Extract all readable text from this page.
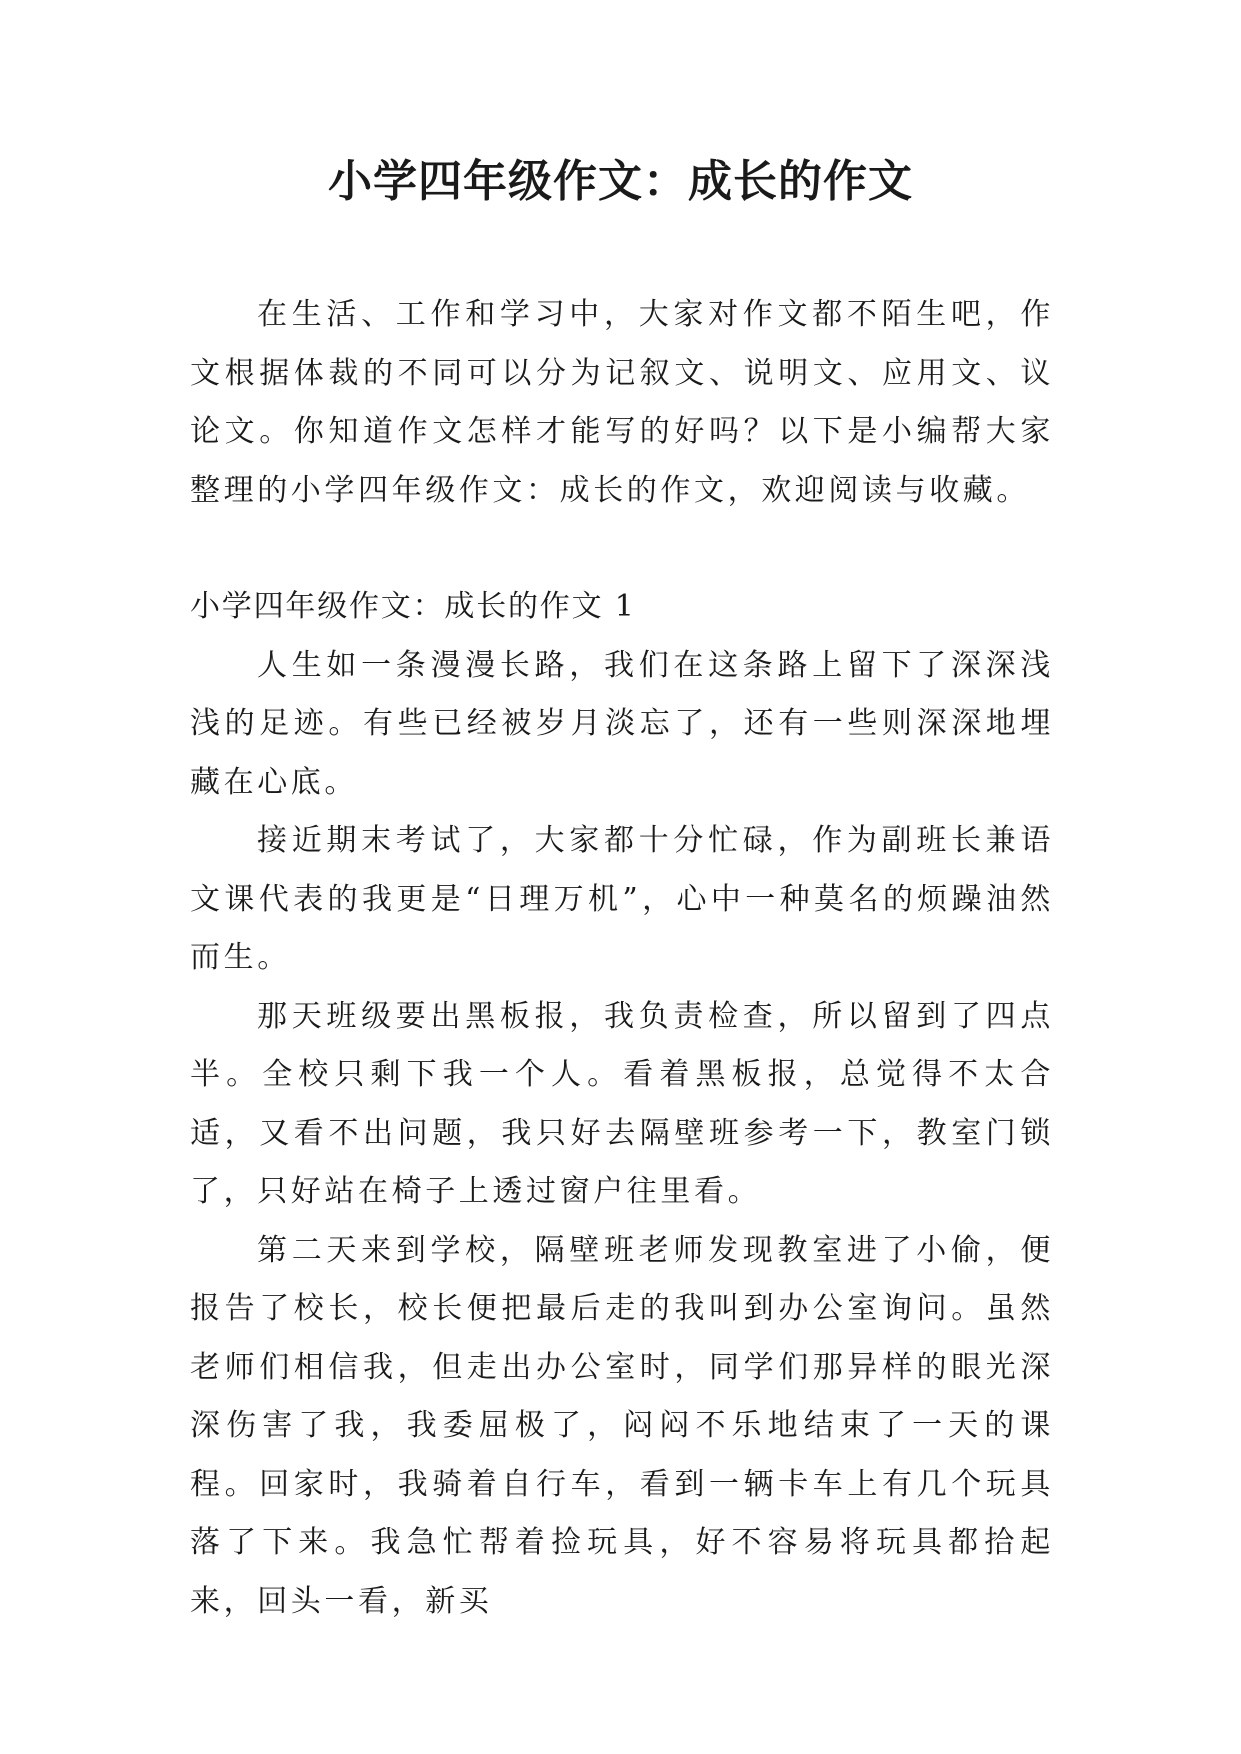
小学四年级作文：成长的作文

在生活、工作和学习中，大家对作文都不陌生吧，作文根据体裁的不同可以分为记叙文、说明文、应用文、议论文。你知道作文怎样才能写的好吗？以下是小编帮大家整理的小学四年级作文：成长的作文，欢迎阅读与收藏。

小学四年级作文：成长的作文 1

人生如一条漫漫长路，我们在这条路上留下了深深浅浅的足迹。有些已经被岁月淡忘了，还有一些则深深地埋藏在心底。

接近期末考试了，大家都十分忙碌，作为副班长兼语文课代表的我更是“日理万机”，心中一种莫名的烦躁油然而生。

那天班级要出黑板报，我负责检查，所以留到了四点半。全校只剩下我一个人。看着黑板报，总觉得不太合适，又看不出问题，我只好去隔壁班参考一下，教室门锁了，只好站在椅子上透过窗户往里看。

第二天来到学校，隔壁班老师发现教室进了小偷，便报告了校长，校长便把最后走的我叫到办公室询问。虽然老师们相信我，但走出办公室时，同学们那异样的眼光深深伤害了我，我委屈极了，闷闷不乐地结束了一天的课程。回家时，我骑着自行车，看到一辆卡车上有几个玩具落了下来。我急忙帮着捡玩具，好不容易将玩具都拾起来，回头一看，新买
